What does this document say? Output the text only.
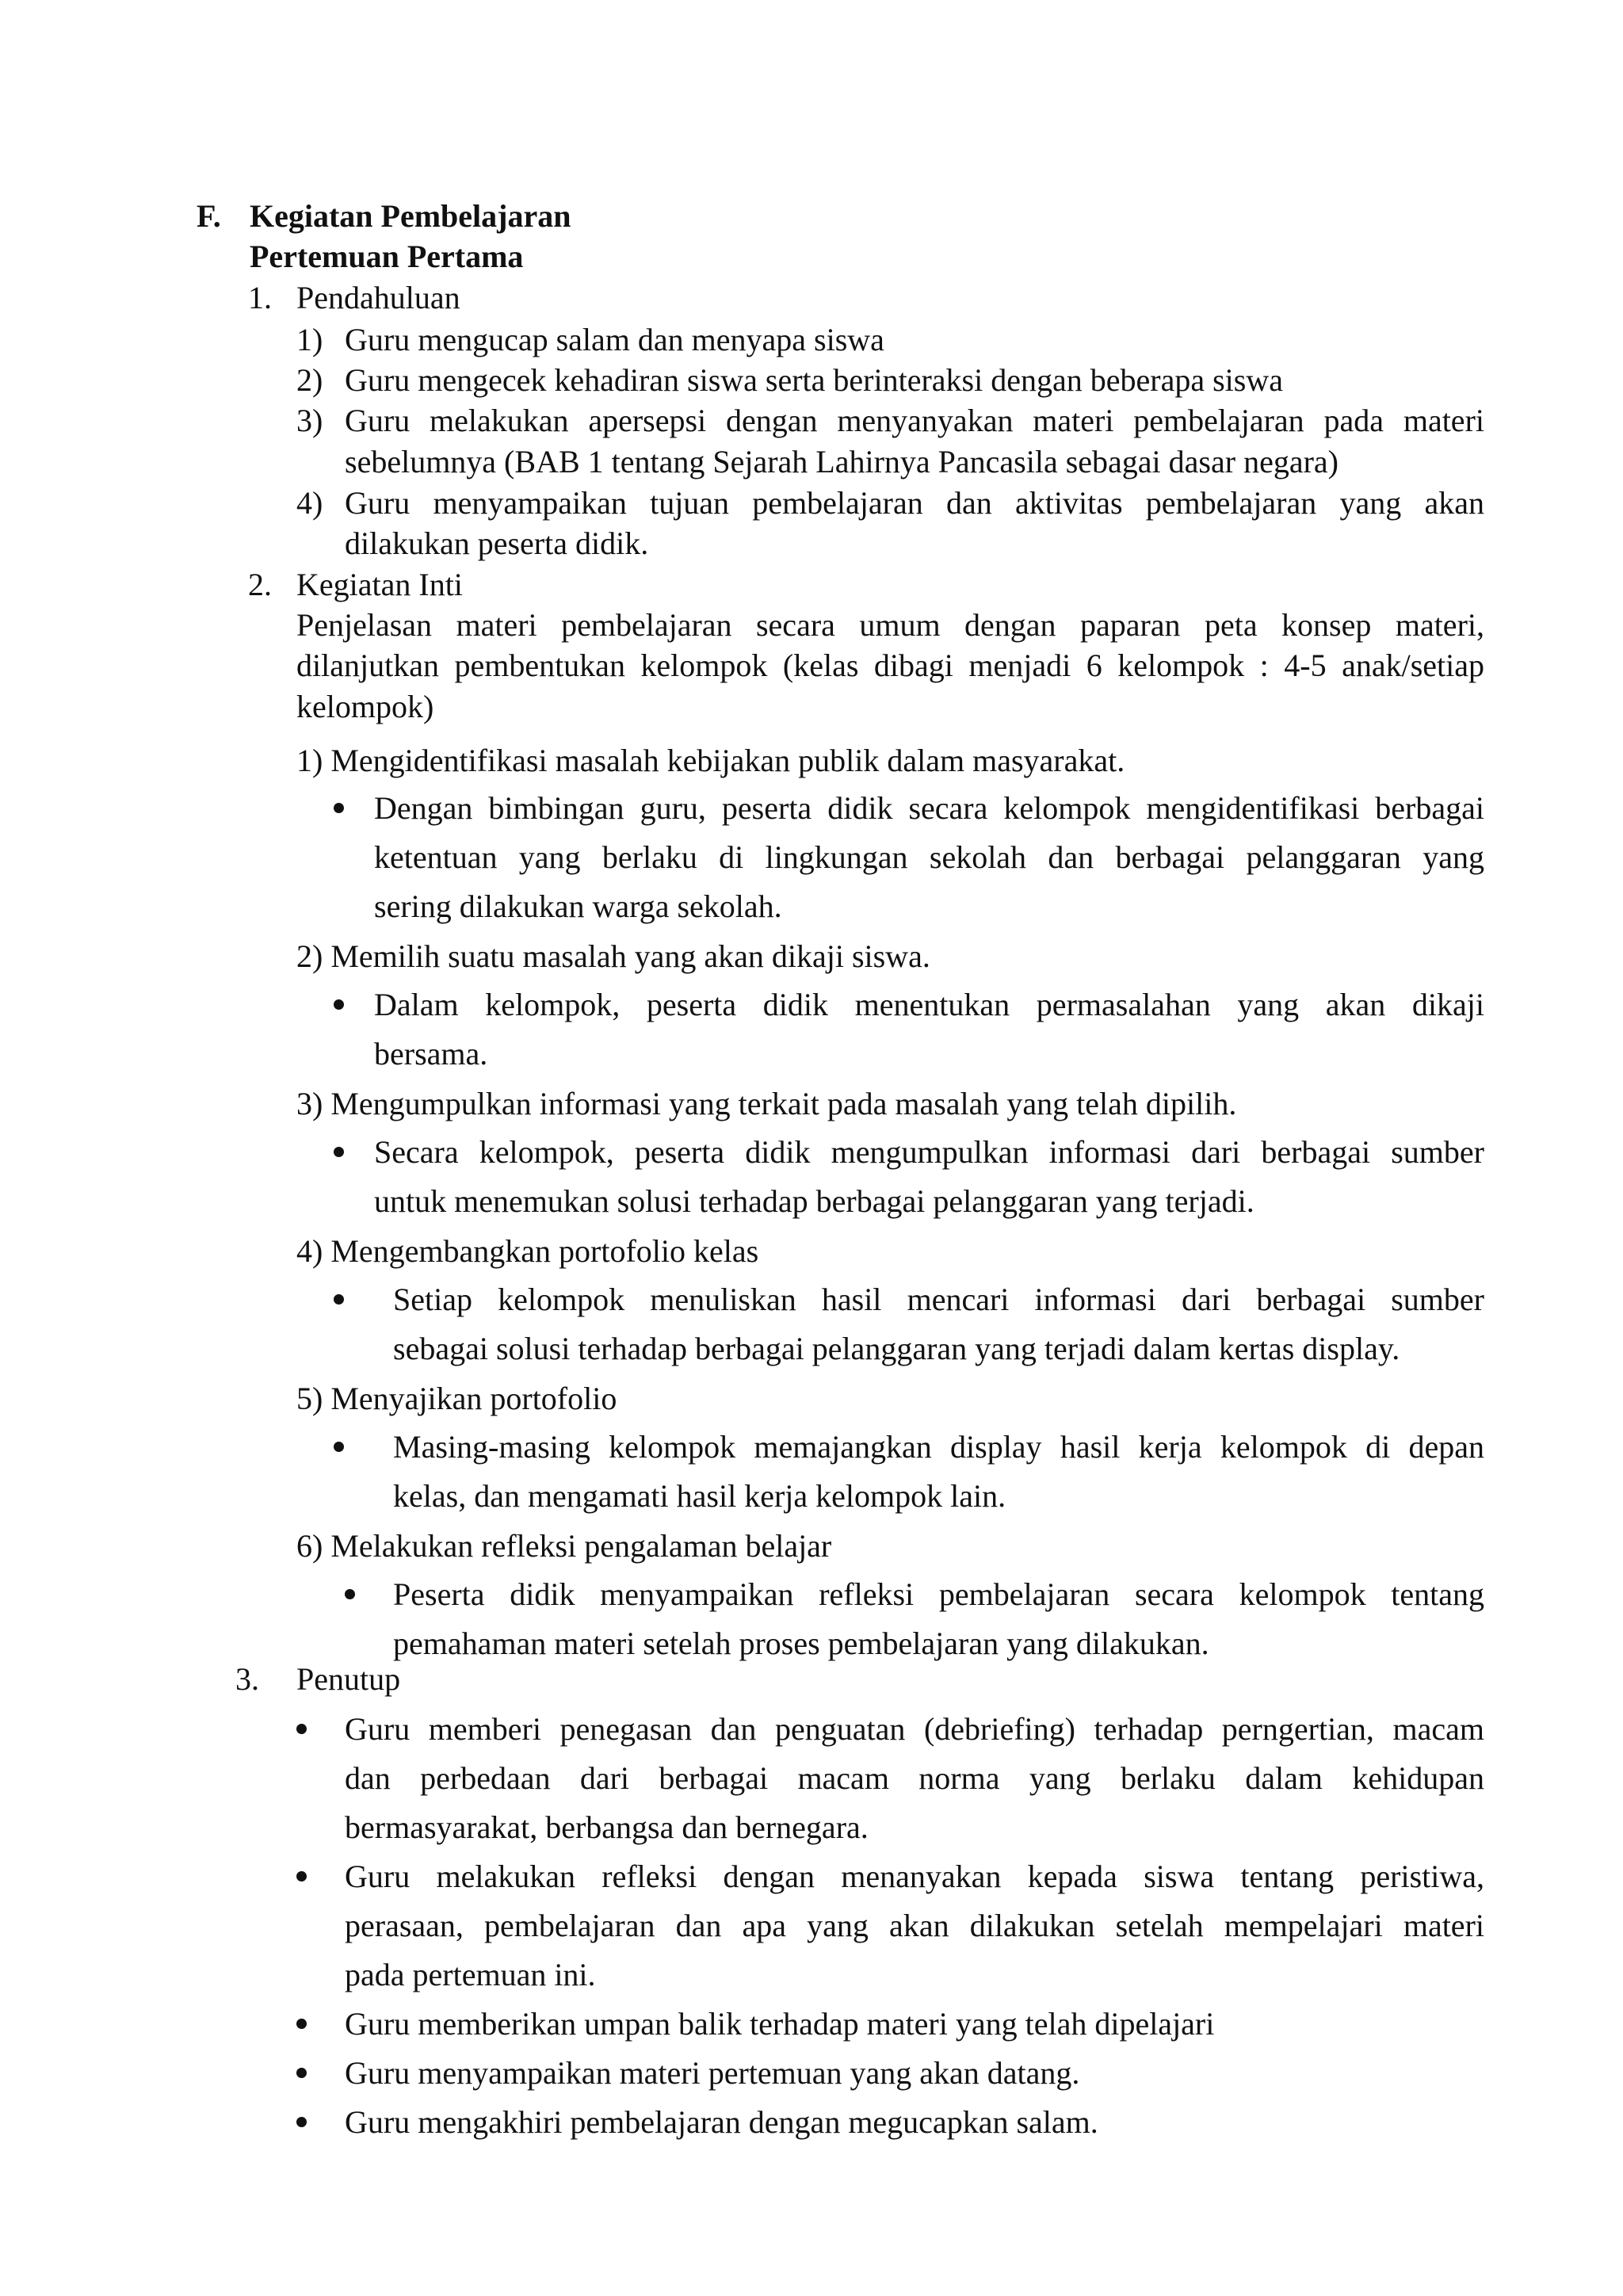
F. Kegiatan Pembelajaran
Pertemuan Pertama
1. Pendahuluan
1) Guru mengucap salam dan menyapa siswa
2) Guru mengecek kehadiran siswa serta berinteraksi dengan beberapa siswa
3) Guru melakukan apersepsi dengan menyanyakan materi pembelajaran pada materi
sebelumnya (BAB 1 tentang Sejarah Lahirnya Pancasila sebagai dasar negara)
4) Guru menyampaikan tujuan pembelajaran dan aktivitas pembelajaran yang akan
dilakukan peserta didik.
2. Kegiatan Inti
Penjelasan materi pembelajaran secara umum dengan paparan peta konsep materi,
dilanjutkan pembentukan kelompok (kelas dibagi menjadi 6 kelompok : 4-5 anak/setiap
kelompok)
1) Mengidentifikasi masalah kebijakan publik dalam masyarakat.
Dengan bimbingan guru, peserta didik secara kelompok mengidentifikasi berbagai
ketentuan yang berlaku di lingkungan sekolah dan berbagai pelanggaran yang
sering dilakukan warga sekolah.
2) Memilih suatu masalah yang akan dikaji siswa.
Dalam kelompok, peserta didik menentukan permasalahan yang akan dikaji
bersama.
3) Mengumpulkan informasi yang terkait pada masalah yang telah dipilih.
Secara kelompok, peserta didik mengumpulkan informasi dari berbagai sumber
untuk menemukan solusi terhadap berbagai pelanggaran yang terjadi.
4) Mengembangkan portofolio kelas
Setiap kelompok menuliskan hasil mencari informasi dari berbagai sumber
sebagai solusi terhadap berbagai pelanggaran yang terjadi dalam kertas display.
5) Menyajikan portofolio
Masing-masing kelompok memajangkan display hasil kerja kelompok di depan
kelas, dan mengamati hasil kerja kelompok lain.
6) Melakukan refleksi pengalaman belajar
Peserta didik menyampaikan refleksi pembelajaran secara kelompok tentang
pemahaman materi setelah proses pembelajaran yang dilakukan.
3. Penutup
Guru memberi penegasan dan penguatan (debriefing) terhadap perngertian, macam
dan perbedaan dari berbagai macam norma yang berlaku dalam kehidupan
bermasyarakat, berbangsa dan bernegara.
Guru melakukan refleksi dengan menanyakan kepada siswa tentang peristiwa,
perasaan, pembelajaran dan apa yang akan dilakukan setelah mempelajari materi
pada pertemuan ini.
Guru memberikan umpan balik terhadap materi yang telah dipelajari
Guru menyampaikan materi pertemuan yang akan datang.
Guru mengakhiri pembelajaran dengan megucapkan salam.
